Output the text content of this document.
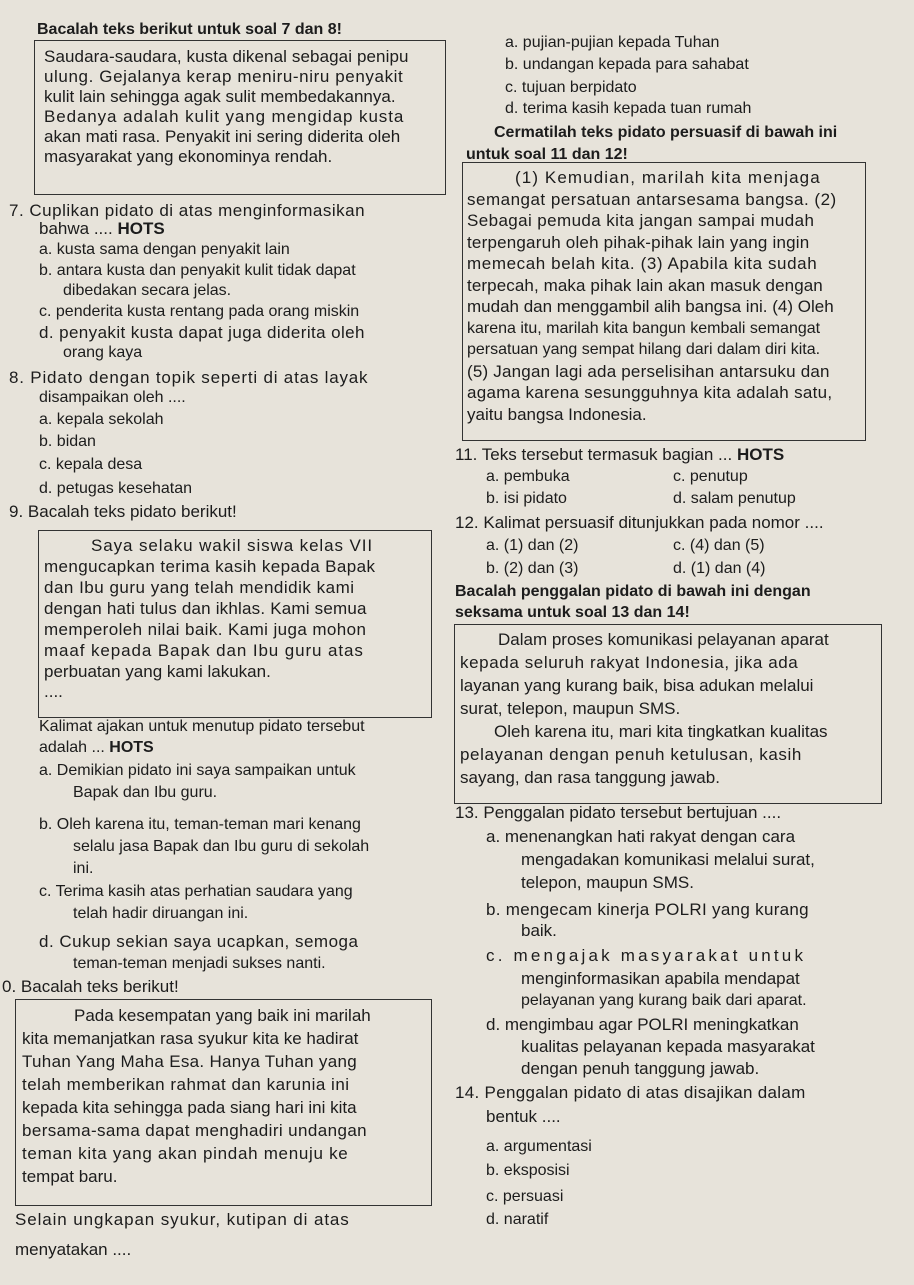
Bacalah teks berikut untuk soal 7 dan 8!
Saudara-saudara, kusta dikenal sebagai penipu
ulung. Gejalanya kerap meniru-niru penyakit
kulit lain sehingga agak sulit membedakannya.
Bedanya adalah kulit yang mengidap kusta
akan mati rasa. Penyakit ini sering diderita oleh
masyarakat yang ekonominya rendah.
7. Cuplikan pidato di atas menginformasikan
bahwa .... HOTS
a. kusta sama dengan penyakit lain
b. antara kusta dan penyakit kulit tidak dapat
dibedakan secara jelas.
c. penderita kusta rentang pada orang miskin
d. penyakit kusta dapat juga diderita oleh
orang kaya
8. Pidato dengan topik seperti di atas layak
disampaikan oleh ....
a. kepala sekolah
b. bidan
c. kepala desa
d. petugas kesehatan
9. Bacalah teks pidato berikut!
Saya selaku wakil siswa kelas VII
mengucapkan terima kasih kepada Bapak
dan Ibu guru yang telah mendidik kami
dengan hati tulus dan ikhlas. Kami semua
memperoleh nilai baik. Kami juga mohon
maaf kepada Bapak dan Ibu guru atas
perbuatan yang kami lakukan.
....
Kalimat ajakan untuk menutup pidato tersebut
adalah ... HOTS
a. Demikian pidato ini saya sampaikan untuk
Bapak dan Ibu guru.
b. Oleh karena itu, teman-teman mari kenang
selalu jasa Bapak dan Ibu guru di sekolah
ini.
c. Terima kasih atas perhatian saudara yang
telah hadir diruangan ini.
d. Cukup sekian saya ucapkan, semoga
teman-teman menjadi sukses nanti.
0. Bacalah teks berikut!
Pada kesempatan yang baik ini marilah
kita memanjatkan rasa syukur kita ke hadirat
Tuhan Yang Maha Esa. Hanya Tuhan yang
telah memberikan rahmat dan karunia ini
kepada kita sehingga pada siang hari ini kita
bersama-sama dapat menghadiri undangan
teman kita yang akan pindah menuju ke
tempat baru.
Selain ungkapan syukur, kutipan di atas
menyatakan ....
a. pujian-pujian kepada Tuhan
b. undangan kepada para sahabat
c. tujuan berpidato
d. terima kasih kepada tuan rumah
Cermatilah teks pidato persuasif di bawah ini
untuk soal 11 dan 12!
(1) Kemudian, marilah kita menjaga
semangat persatuan antarsesama bangsa. (2)
Sebagai pemuda kita jangan sampai mudah
terpengaruh oleh pihak-pihak lain yang ingin
memecah belah kita. (3) Apabila kita sudah
terpecah, maka pihak lain akan masuk dengan
mudah dan menggambil alih bangsa ini. (4) Oleh
karena itu, marilah kita bangun kembali semangat
persatuan yang sempat hilang dari dalam diri kita.
(5) Jangan lagi ada perselisihan antarsuku dan
agama karena sesungguhnya kita adalah satu,
yaitu bangsa Indonesia.
11. Teks tersebut termasuk bagian ... HOTS
a. pembuka
b. isi pidato
c. penutup
d. salam penutup
12. Kalimat persuasif ditunjukkan pada nomor ....
a. (1) dan (2)
b. (2) dan (3)
c. (4) dan (5)
d. (1) dan (4)
Bacalah penggalan pidato di bawah ini dengan
seksama untuk soal 13 dan 14!
Dalam proses komunikasi pelayanan aparat
kepada seluruh rakyat Indonesia, jika ada
layanan yang kurang baik, bisa adukan melalui
surat, telepon, maupun SMS.
Oleh karena itu, mari kita tingkatkan kualitas
pelayanan dengan penuh ketulusan, kasih
sayang, dan rasa tanggung jawab.
13. Penggalan pidato tersebut bertujuan ....
a. menenangkan hati rakyat dengan cara
mengadakan komunikasi melalui surat,
telepon, maupun SMS.
b. mengecam kinerja POLRI yang kurang
baik.
c. mengajak masyarakat untuk
menginformasikan apabila mendapat
pelayanan yang kurang baik dari aparat.
d. mengimbau agar POLRI meningkatkan
kualitas pelayanan kepada masyarakat
dengan penuh tanggung jawab.
14. Penggalan pidato di atas disajikan dalam
bentuk ....
a. argumentasi
b. eksposisi
c. persuasi
d. naratif
